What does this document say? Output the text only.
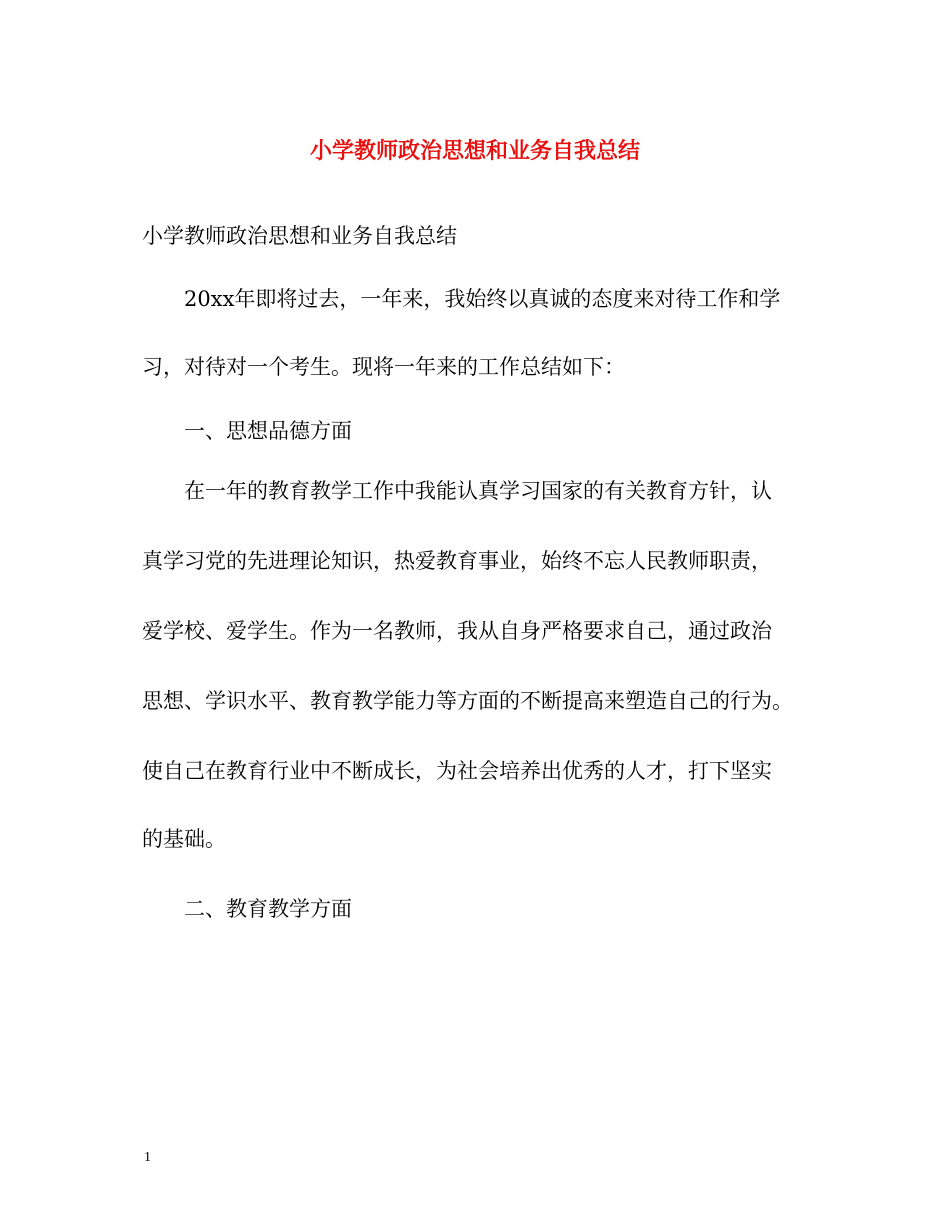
小学教师政治思想和业务自我总结

小学教师政治思想和业务自我总结

20xx年即将过去，一年来，我始终以真诚的态度来对待工作和学

习，对待对一个考生。现将一年来的工作总结如下：

一、思想品德方面

在一年的教育教学工作中我能认真学习国家的有关教育方针，认

真学习党的先进理论知识，热爱教育事业，始终不忘人民教师职责，

爱学校、爱学生。作为一名教师，我从自身严格要求自己，通过政治

思想、学识水平、教育教学能力等方面的不断提高来塑造自己的行为。

使自己在教育行业中不断成长，为社会培养出优秀的人才，打下坚实

的基础。

二、教育教学方面

1
